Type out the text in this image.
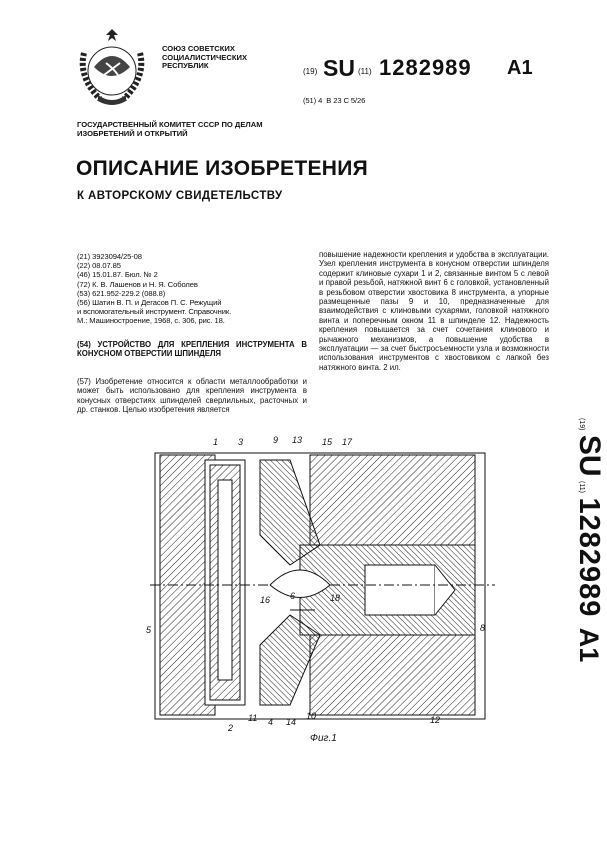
СОЮЗ СОВЕТСКИХ СОЦИАЛИСТИЧЕСКИХ РЕСПУБЛИК
(19) SU (11) 1282989 A1
(51) 4 В 23 С 5/26
ГОСУДАРСТВЕННЫЙ КОМИТЕТ СССР ПО ДЕЛАМ ИЗОБРЕТЕНИЙ И ОТКРЫТИЙ
ОПИСАНИЕ ИЗОБРЕТЕНИЯ
К АВТОРСКОМУ СВИДЕТЕЛЬСТВУ
(21) 3923094/25-08
(22) 08.07.85
(46) 15.01.87. Бюл. № 2
(72) К. В. Лашенов и Н. Я. Соболев
(53) 621.952-229.2 (088.8)
(56) Шатин В. П. и Дегасов П. С. Режущий
и вспомогательный инструмент. Справочник.
М.: Машиностроение, 1968, с. 306, рис. 18.
(54) УСТРОЙСТВО ДЛЯ КРЕПЛЕНИЯ ИНСТРУМЕНТА В КОНУСНОМ ОТВЕРСТИИ ШПИНДЕЛЯ
(57) Изобретение относится к области металлообработки и может быть использовано для крепления инструмента в конусных отверстиях шпинделей сверлильных, расточных и др. станков. Целью изобретения является
повышение надежности крепления и удобства в эксплуатации. Узел крепления инструмента в конусном отверстии шпинделя содержит клиновые сухари 1 и 2, связанные винтом 5 с левой и правой резьбой, натяжной винт 6 с головкой, установленный в резьбовом отверстии хвостовика 8 инструмента, а упорные размещенные пазы 9 и 10, предназначенные для взаимодействия с клиновыми сухарями, головкой натяжного винта и поперечным окном 11 в шпинделе 12. Надежность крепления повышается за счет сочетания клинового и рычажного механизмов, а повышение удобства в эксплуатации — за счет быстросъемности узла и возможности использования инструментов с хвостовиком с лапкой без натяжного винта. 2 ил.
(19) SU (11) 1282989 A1
1 3	9 13 15 17
5
16 6	18
8
2
11 4 14
10	12
Фиг.1
